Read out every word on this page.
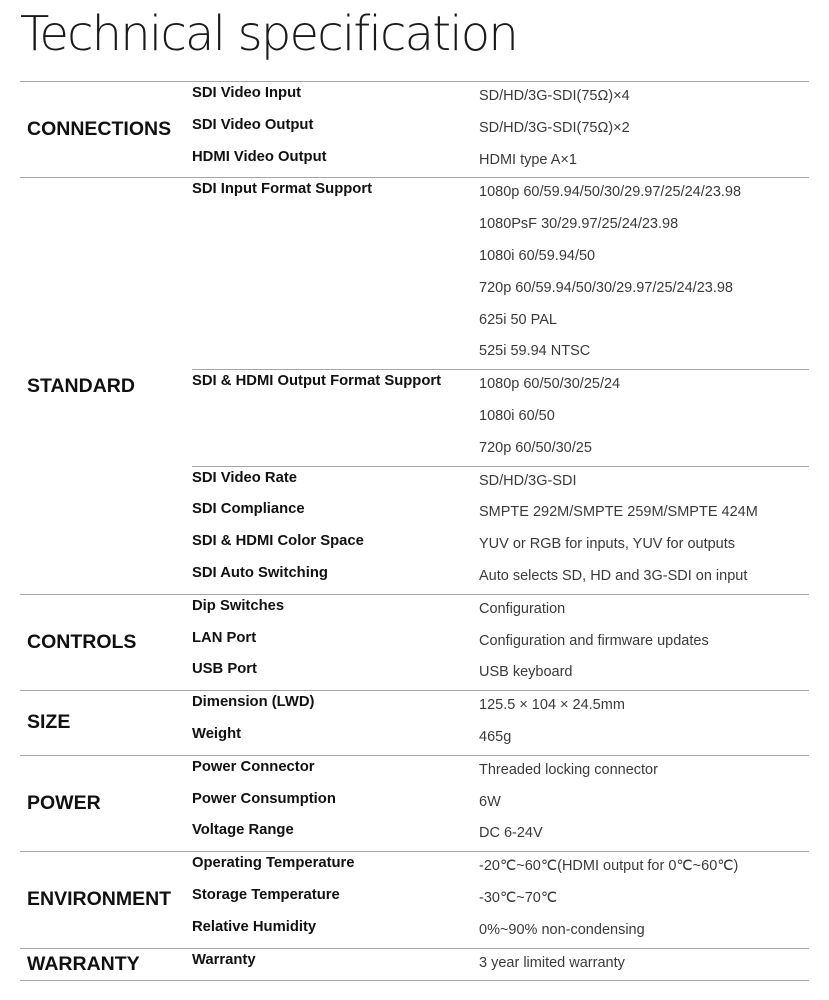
Technical specification
CONNECTIONS
SDI Video Input	SD/HD/3G-SDI(75Ω)×4
SDI Video Output	SD/HD/3G-SDI(75Ω)×2
HDMI Video Output	HDMI type A×1
STANDARD
SDI Input Format Support	1080p 60/59.94/50/30/29.97/25/24/23.98
1080PsF 30/29.97/25/24/23.98
1080i 60/59.94/50
720p 60/59.94/50/30/29.97/25/24/23.98
625i 50 PAL
525i 59.94 NTSC
SDI & HDMI Output Format Support	1080p 60/50/30/25/24
1080i 60/50
720p 60/50/30/25
SDI Video Rate	SD/HD/3G-SDI
SDI Compliance	SMPTE 292M/SMPTE 259M/SMPTE 424M
SDI & HDMI Color Space	YUV or RGB for inputs, YUV for outputs
SDI Auto Switching	Auto selects SD, HD and 3G-SDI on input
CONTROLS
Dip Switches	Configuration
LAN Port	Configuration and firmware updates
USB Port	USB keyboard
SIZE
Dimension (LWD)	125.5 × 104 × 24.5mm
Weight	465g
POWER
Power Connector	Threaded locking connector
Power Consumption	6W
Voltage Range	DC 6-24V
ENVIRONMENT
Operating Temperature	-20℃~60℃(HDMI output for 0℃~60℃)
Storage Temperature	-30℃~70℃
Relative Humidity	0%~90% non-condensing
WARRANTY	Warranty	3 year limited warranty
